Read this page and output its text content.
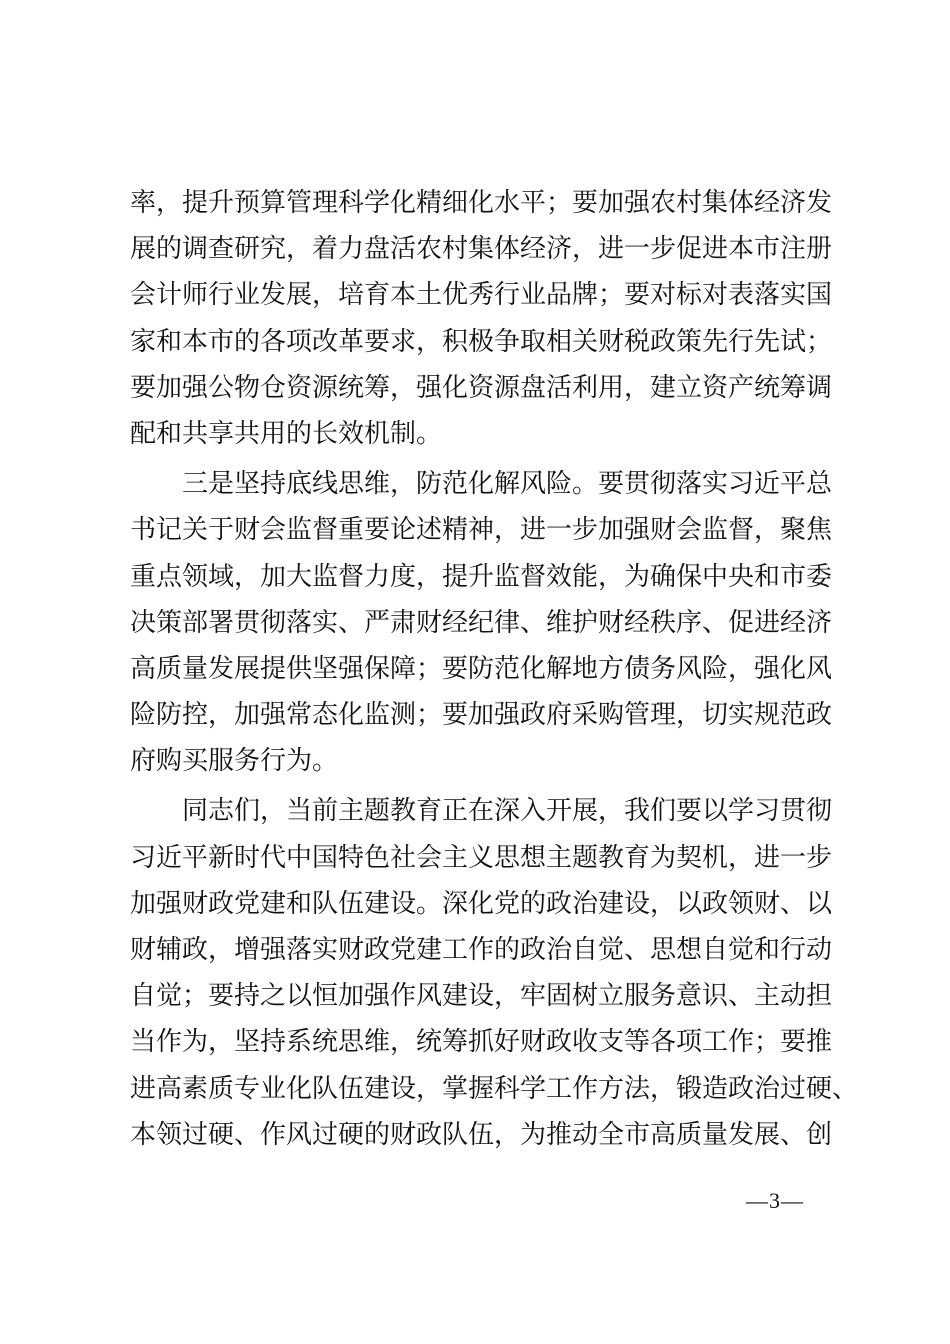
率，提升预算管理科学化精细化水平；要加强农村集体经济发
展的调查研究，着力盘活农村集体经济，进一步促进本市注册
会计师行业发展，培育本土优秀行业品牌；要对标对表落实国
家和本市的各项改革要求，积极争取相关财税政策先行先试；
要加强公物仓资源统筹，强化资源盘活利用，建立资产统筹调
配和共享共用的长效机制。
三是坚持底线思维，防范化解风险。要贯彻落实习近平总
书记关于财会监督重要论述精神，进一步加强财会监督，聚焦
重点领域，加大监督力度，提升监督效能，为确保中央和市委
决策部署贯彻落实、严肃财经纪律、维护财经秩序、促进经济
高质量发展提供坚强保障；要防范化解地方债务风险，强化风
险防控，加强常态化监测；要加强政府采购管理，切实规范政
府购买服务行为。
同志们，当前主题教育正在深入开展，我们要以学习贯彻
习近平新时代中国特色社会主义思想主题教育为契机，进一步
加强财政党建和队伍建设。深化党的政治建设，以政领财、以
财辅政，增强落实财政党建工作的政治自觉、思想自觉和行动
自觉；要持之以恒加强作风建设，牢固树立服务意识、主动担
当作为，坚持系统思维，统筹抓好财政收支等各项工作；要推
进高素质专业化队伍建设，掌握科学工作方法，锻造政治过硬、
本领过硬、作风过硬的财政队伍，为推动全市高质量发展、创
—3—
